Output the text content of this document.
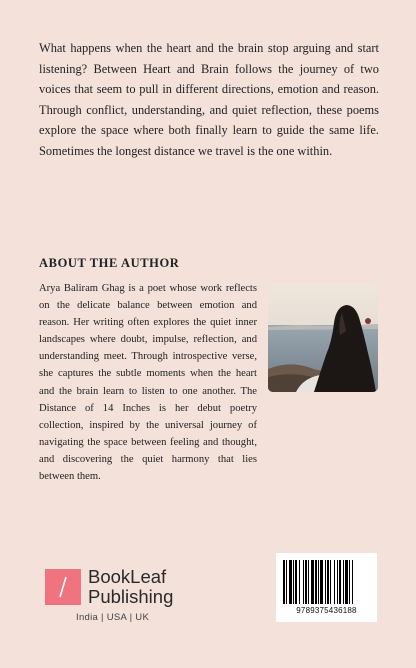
What happens when the heart and the brain stop arguing and start listening? Between Heart and Brain follows the journey of two voices that seem to pull in different directions, emotion and reason. Through conflict, understanding, and quiet reflection, these poems explore the space where both finally learn to guide the same life. Sometimes the longest distance we travel is the one within.

ABOUT THE AUTHOR

Arya Baliram Ghag is a poet whose work reflects on the delicate balance between emotion and reason. Her writing often explores the quiet inner landscapes where doubt, impulse, reflection, and understanding meet. Through introspective verse, she captures the subtle moments when the heart and the brain learn to listen to one another. The Distance of 14 Inches is her debut poetry collection, inspired by the universal journey of navigating the space between feeling and thought, and discovering the quiet harmony that lies between them.

BookLeaf
Publishing
India | USA | UK
9789375436188
